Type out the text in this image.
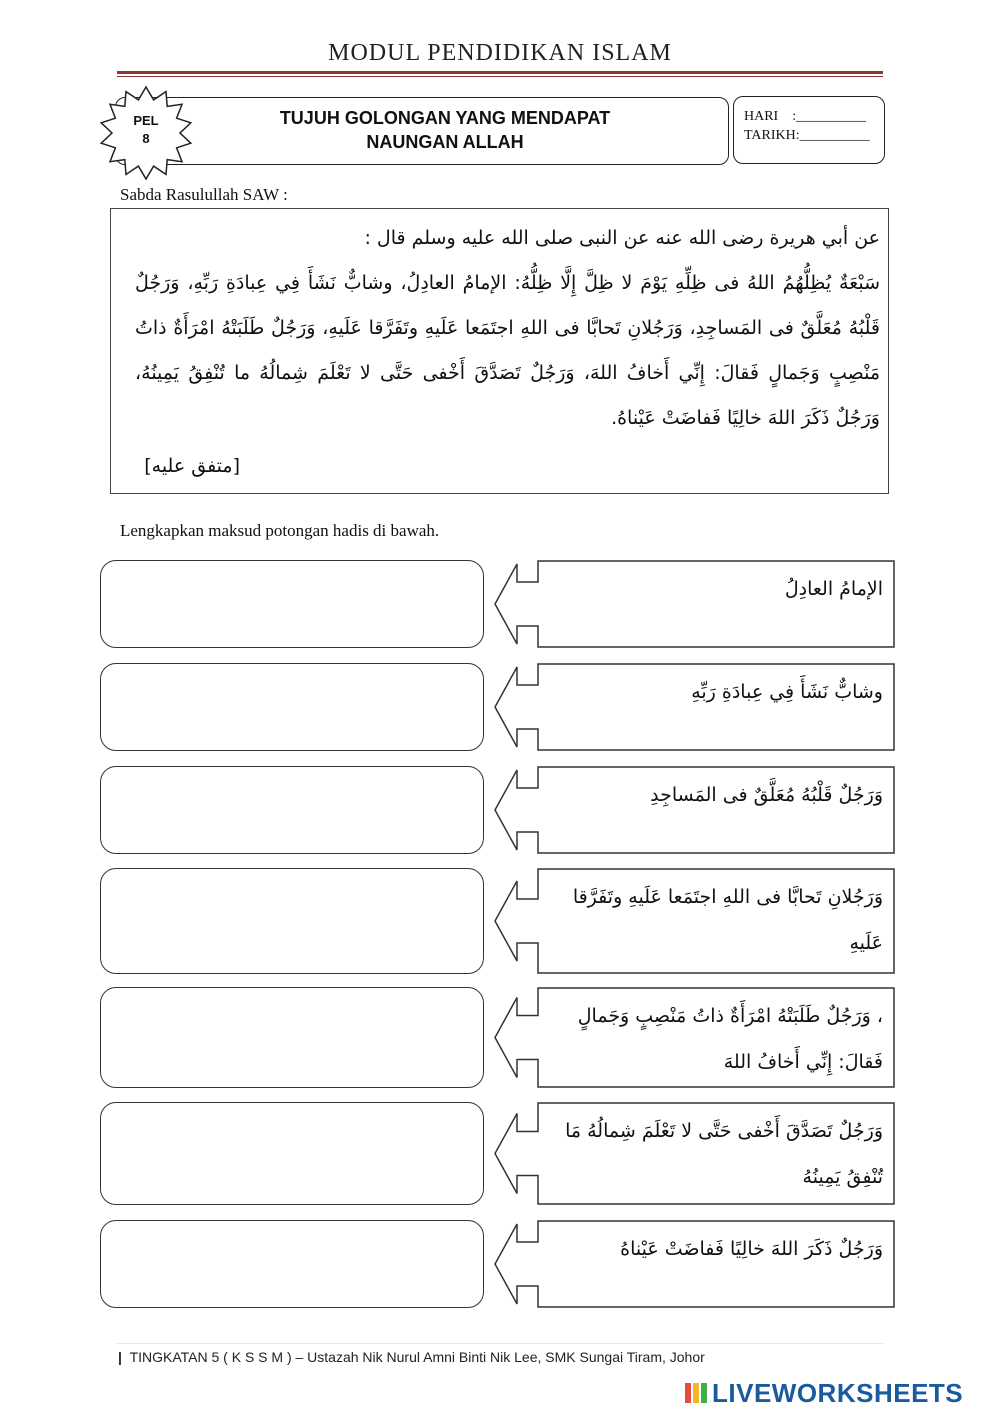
MODUL PENDIDIKAN ISLAM
PEL
8
TUJUH GOLONGAN YANG MENDAPAT
NAUNGAN ALLAH
HARI    :__________
TARIKH:__________
Sabda Rasulullah SAW :
عن أبي هريرة رضى الله عنه عن النبى صلى الله عليه وسلم قال :
سَبْعَةٌ يُظِلُّهُمُ اللهُ فى ظِلِّهِ يَوْمَ لا ظِلَّ إِلَّا ظِلُّهُ: الإمامُ العادِلُ، وشابٌّ نَشَأَ فِي عِبادَةِ رَبِّهِ، وَرَجُلٌ قَلْبُهُ مُعَلَّقٌ فى المَساجِدِ، وَرَجُلانِ تَحابَّا فى اللهِ اجتَمَعا عَلَيهِ وتَفَرَّقا عَلَيهِ، وَرَجُلٌ طَلَبَتْهُ امْرَأَةٌ ذاتُ مَنْصِبٍ وَجَمالٍ فَقالَ: إِنِّي أَخافُ اللهَ، وَرَجُلٌ تَصَدَّقَ أَخْفى حَتَّى لا تَعْلَمَ شِمالُهُ ما تُنْفِقُ يَمِينُهُ، وَرَجُلٌ ذَكَرَ اللهَ خالِيًا فَفاضَتْ عَيْناهُ.
[متفق عليه]
Lengkapkan maksud potongan hadis di bawah.
الإمامُ العادِلُ
وشابٌّ نَشَأَ فِي عِبادَةِ رَبِّهِ
وَرَجُلٌ قَلْبُهُ مُعَلَّقٌ فى المَساجِدِ
وَرَجُلانِ تَحابَّا فى اللهِ اجتَمَعا عَلَيهِ وتَفَرَّقا عَلَيهِ
، وَرَجُلٌ طَلَبَتْهُ امْرَأَةٌ ذاتُ مَنْصِبٍ وَجَمالٍ فَقالَ: إِنِّي أَخافُ اللهَ
وَرَجُلٌ تَصَدَّقَ أَخْفى حَتَّى لا تَعْلَمَ شِمالُهُ مَا تُنْفِقُ يَمِينُهُ
وَرَجُلٌ ذَكَرَ اللهَ خالِيًا فَفاضَتْ عَيْناهُ
| TINGKATAN 5 ( K S S M ) – Ustazah Nik Nurul Amni Binti Nik Lee, SMK Sungai Tiram, Johor
LIVEWORKSHEETS
